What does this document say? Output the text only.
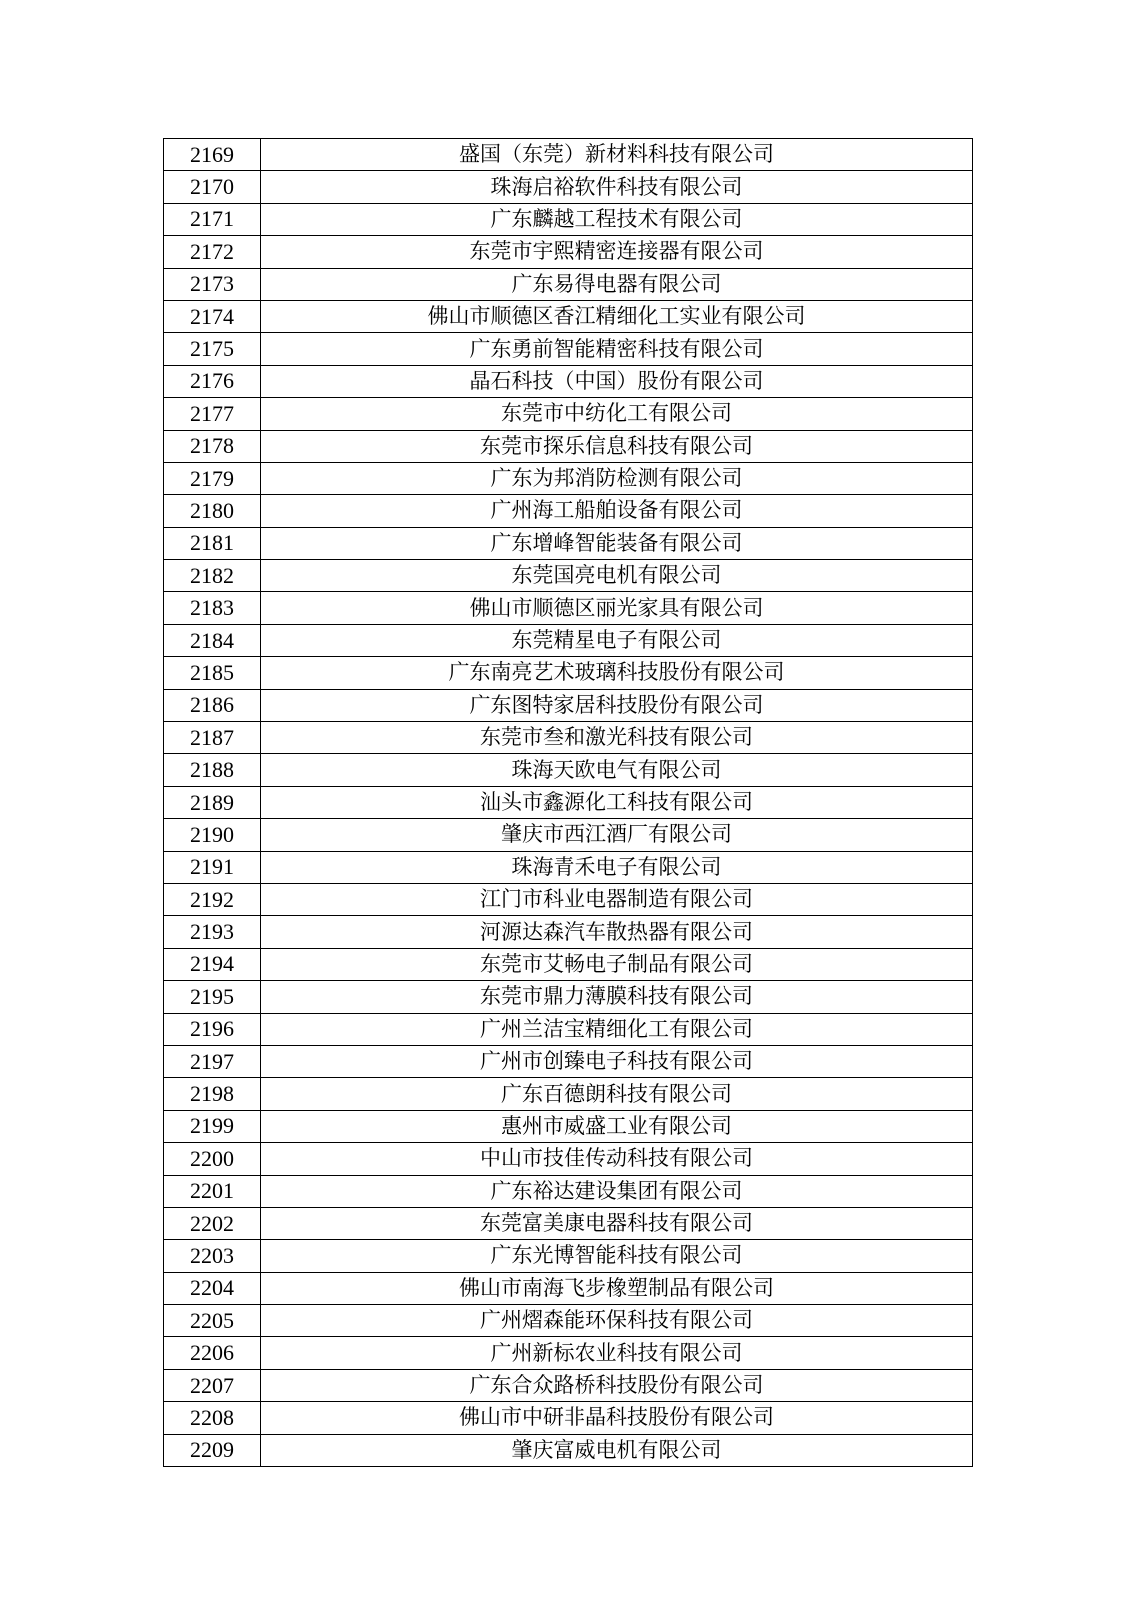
2169	盛国（东莞）新材料科技有限公司
2170	珠海启裕软件科技有限公司
2171	广东麟越工程技术有限公司
2172	东莞市宇熙精密连接器有限公司
2173	广东易得电器有限公司
2174	佛山市顺德区香江精细化工实业有限公司
2175	广东勇前智能精密科技有限公司
2176	晶石科技（中国）股份有限公司
2177	东莞市中纺化工有限公司
2178	东莞市探乐信息科技有限公司
2179	广东为邦消防检测有限公司
2180	广州海工船舶设备有限公司
2181	广东增峰智能装备有限公司
2182	东莞国亮电机有限公司
2183	佛山市顺德区丽光家具有限公司
2184	东莞精星电子有限公司
2185	广东南亮艺术玻璃科技股份有限公司
2186	广东图特家居科技股份有限公司
2187	东莞市叁和激光科技有限公司
2188	珠海天欧电气有限公司
2189	汕头市鑫源化工科技有限公司
2190	肇庆市西江酒厂有限公司
2191	珠海青禾电子有限公司
2192	江门市科业电器制造有限公司
2193	河源达森汽车散热器有限公司
2194	东莞市艾畅电子制品有限公司
2195	东莞市鼎力薄膜科技有限公司
2196	广州兰洁宝精细化工有限公司
2197	广州市创臻电子科技有限公司
2198	广东百德朗科技有限公司
2199	惠州市威盛工业有限公司
2200	中山市技佳传动科技有限公司
2201	广东裕达建设集团有限公司
2202	东莞富美康电器科技有限公司
2203	广东光博智能科技有限公司
2204	佛山市南海飞步橡塑制品有限公司
2205	广州熠森能环保科技有限公司
2206	广州新标农业科技有限公司
2207	广东合众路桥科技股份有限公司
2208	佛山市中研非晶科技股份有限公司
2209	肇庆富威电机有限公司
